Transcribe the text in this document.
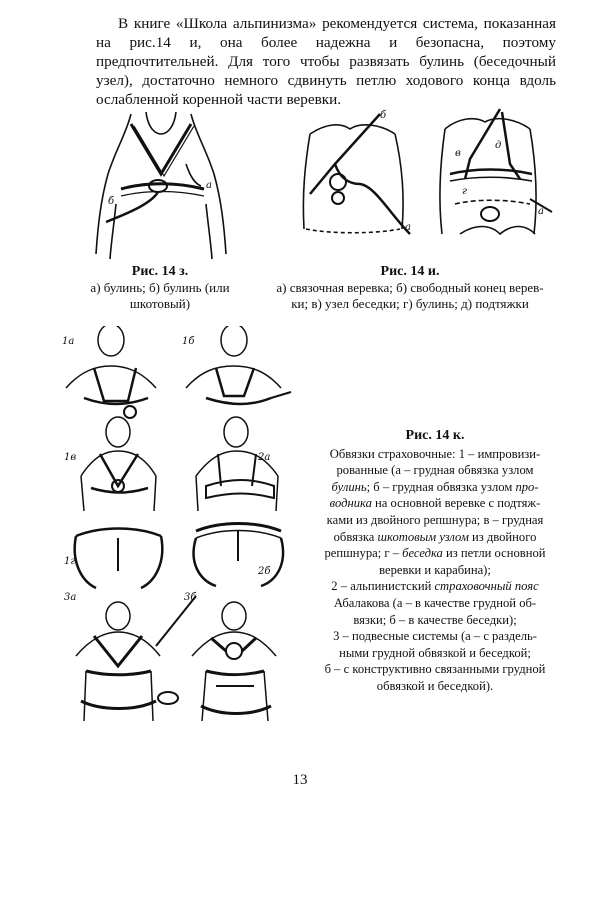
В книге «Школа альпинизма» рекомендуется система, показанная на рис.14 и, она более надежна и безопасна, поэтому предпочтительней. Для того чтобы развязать булинь (беседочный узел), достаточно немного сдвинуть петлю ходового конца вдоль ослабленной коренной части веревки.

б
а
Рис. 14 з.
а) булинь; б) булинь (или
шкотовый)
б
а
в
г
д
а
Рис. 14 и.
а) связочная веревка; б) свободный конец верев-
ки; в) узел беседки; г) булинь; д) подтяжки
1а	1б
1в	2а
1г
2б
3а	3б
Рис. 14 к.
Обвязки страховочные: 1 – импровизи-
рованные (а – грудная обвязка узлом
булинь; б – грудная обвязка узлом про-
водника на основной веревке с подтяж-
ками из двойного репшнура; в – грудная
обвязка шкотовым узлом из двойного
репшнура; г – беседка из петли основной
веревки и карабина);
2 – альпинистский страховочный пояс
Абалакова (а – в качестве грудной об-
вязки; б – в качестве беседки);
3 – подвесные системы (а – с раздель-
ными грудной обвязкой и беседкой;
б – с конструктивно связанными грудной
обвязкой и беседкой).
13
